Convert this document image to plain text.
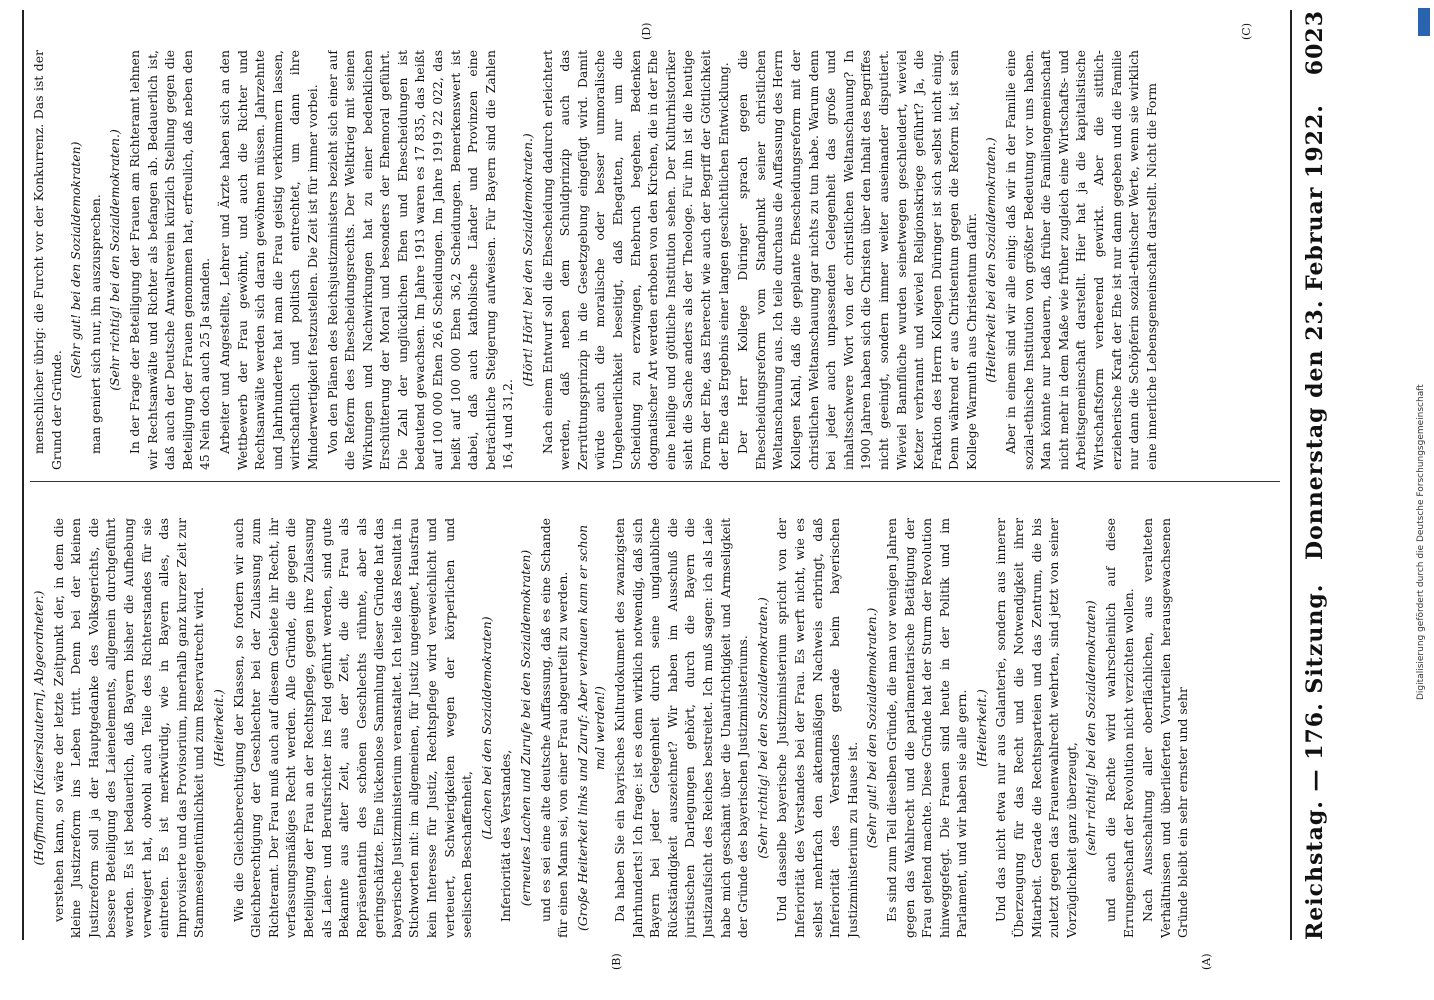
Reichstag. — 176. Sitzung.
Donnerstag den 23. Februar 1922.
6023
(A)
(B)
(C)
(D)

(Hoffmann [Kaiserslautern], Abgeordneter.) verstehen kann, so wäre der letzte Zeitpunkt der, in dem die kleine Justizreform ins Leben tritt. Denn bei der kleinen Justizreform soll ja der Hauptgedanke des Volksgerichts, die bessere Beteiligung des Laienelements, allgemein durchgeführt werden. Es ist bedauerlich, daß Bayern bisher die Aufhebung verweigert hat, obwohl auch Teile des Richterstandes für sie eintreten. Es ist merkwürdig, wie in Bayern alles, das Improvisierte und das Provisorium, innerhalb ganz kurzer Zeit zur Stammeseigentümlichkeit und zum Reservatrecht wird. (Heiterkeit.) Wie die Gleichberechtigung der Klassen, so fordern wir auch Gleichberechtigung der Geschlechter bei der Zulassung zum Richteramt. Der Frau muß auch auf diesem Gebiete ihr Recht, ihr verfassungsmäßiges Recht werden. Alle Gründe, die gegen die Beteiligung der Frau an der Rechtspflege, gegen ihre Zulassung als Laien- und Berufsrichter ins Feld geführt werden, sind gute Bekannte aus alter Zeit, aus der Zeit, die die Frau als Repräsentantin des schönen Geschlechts rühmte, aber als geringschätzte. Eine lückenlose Sammlung dieser Gründe hat das bayerische Justizministerium veranstaltet. Ich teile das Resultat in Stichworten mit: im allgemeinen, für Justiz ungeeignet, Hausfrau kein Interesse für Justiz, Rechtspflege wird verweichlicht und verteuert, Schwierigkeiten wegen der körperlichen und seelischen Beschaffenheit,

(Lachen bei den Sozialdemokraten) Inferiorität des Verstandes, (erneutes Lachen und Zurufe bei den Sozialdemokraten) und es sei eine alte deutsche Auffassung, daß es eine Schande für einen Mann sei, von einer Frau abgeurteilt zu werden. (Große Heiterkeit links und Zuruf: Aber verhauen kann er schon mal werden!) Da haben Sie ein bayrisches Kulturdokument des zwanzigsten Jahrhunderts! Ich frage: ist es denn wirklich notwendig, daß sich Bayern bei jeder Gelegenheit durch seine unglaubliche Rückständigkeit auszeichnet? Wir haben im Ausschuß die juristischen Darlegungen gehört, durch die Bayern die Justizaufsicht des Reiches bestreitet. Ich muß sagen: ich als Laie habe mich geschämt über die Unaufrichtigkeit und Armseligkeit der Gründe des bayerischen Justizministeriums. (Sehr richtig! bei den Sozialdemokraten.) Und dasselbe bayerische Justizministerium spricht von der Inferiorität des Verstandes bei der Frau. Es werft nicht, wie es selbst mehrfach den aktenmäßigen Nachweis erbringt, daß Inferiorität des Verstandes gerade beim bayerischen Justizministerium zu Hause ist. (Sehr gut! bei den Sozialdemokraten.) Es sind zum Teil dieselben Gründe, die man vor wenigen Jahren gegen das Wahlrecht und die parlamentarische Betätigung der Frau geltend machte. Diese Gründe hat der Sturm der Revolution hinweggefegt. Die Frauen sind heute in der Politik und im Parlament, und wir haben sie alle gern. (Heiterkeit.) Und das nicht etwa nur aus Galanterie, sondern aus innerer Überzeugung für das Recht und die Notwendigkeit ihrer Mitarbeit. Gerade die Rechtsparteien und das Zentrum, die bis zuletzt gegen das Frauenwahlrecht wehrten, sind jetzt von seiner Vorzüglichkeit ganz überzeugt, (sehr richtig! bei den Sozialdemokraten) und auch die Rechte wird wahrscheinlich auf diese Errungenschaft der Revolution nicht verzichten wollen. Nach Ausschaltung aller oberflächlichen, aus veralteten Verhältnissen und überlieferten Vorurteilen herausgewachsenen Gründe bleibt ein sehr ernster und sehr

menschlicher übrig: die Furcht vor der Konkurrenz. Das ist der Grund der Gründe.

(Sehr gut! bei den Sozialdemokraten) man geniert sich nur, ihn auszusprechen. (Sehr richtig! bei den Sozialdemokraten.) In der Frage der Beteiligung der Frauen am Richteramt lehnen wir Rechtsanwälte und Richter als befangen ab. Bedauerlich ist, daß auch der Deutsche Anwaltverein kürzlich Stellung gegen die Beteiligung der Frauen genommen hat, erfreulich, daß neben den 45 Nein doch auch 25 Ja standen. Arbeiter und Angestellte, Lehrer und Ärzte haben sich an den Wettbewerb der Frau gewöhnt, und auch die Richter und Rechtsanwälte werden sich daran gewöhnen müssen. Jahrzehnte und Jahrhunderte hat man die Frau geistig verkümmern lassen, wirtschaftlich und politisch entrechtet, um dann ihre Minderwertigkeit festzustellen. Die Zeit ist für immer vorbei. Von den Plänen des Reichsjustizministers bezieht sich einer auf die Reform des Ehescheidungsrechts. Der Weltkrieg mit seinen Wirkungen und Nachwirkungen hat zu einer bedenklichen Erschütterung der Moral und besonders der Ehemoral geführt. Die Zahl der unglücklichen Ehen und Ehescheidungen ist bedeutend gewachsen. Im Jahre 1913 waren es 17 835, das heißt auf 100 000 Ehen 26,6 Scheidungen. Im Jahre 1919 22 022, das heißt auf 100 000 Ehen 36,2 Scheidungen. Bemerkenswert ist dabei, daß auch katholische Länder und Provinzen eine beträchtliche Steigerung aufweisen. Für Bayern sind die Zahlen 16,4 und 31,2.

(Hört! Hört! bei den Sozialdemokraten.) Nach einem Entwurf soll die Ehescheidung dadurch erleichtert werden, daß neben dem Schuldprinzip auch das Zerrüttungsprinzip in die Gesetzgebung eingefügt wird. Damit würde auch die moralische oder besser unmoralische Ungeheuerlichkeit beseitigt, daß Ehegatten, nur um die Scheidung zu erzwingen, Ehebruch begehen. Bedenken dogmatischer Art werden erhoben von den Kirchen, die in der Ehe eine heilige und göttliche Institution sehen. Der Kulturhistoriker sieht die Sache anders als der Theologe. Für ihn ist die heutige Form der Ehe, das Eherecht wie auch der Begriff der Göttlichkeit der Ehe das Ergebnis einer langen geschichtlichen Entwicklung. Der Herr Kollege Düringer sprach gegen die Ehescheidungsreform vom Standpunkt seiner christlichen Weltanschauung aus. Ich teile durchaus die Auffassung des Herrn Kollegen Kahl, daß die geplante Ehescheidungsreform mit der christlichen Weltanschauung gar nichts zu tun habe. Warum denn bei jeder auch unpassenden Gelegenheit das große und inhaltsschwere Wort von der christlichen Weltanschauung? In 1900 Jahren haben sich die Christen über den Inhalt des Begriffes nicht geeinigt, sondern immer weiter auseinander disputiert. Wieviel Bannflüche wurden seinetwegen geschleudert, wieviel Ketzer verbrannt und wieviel Religionskriege geführt? Ja, die Fraktion des Herrn Kollegen Düringer ist sich selbst nicht einig. Denn während er aus Christentum gegen die Reform ist, ist sein Kollege Warmuth aus Christentum dafür. (Heiterkeit bei den Sozialdemokraten.) Aber in einem sind wir alle einig: daß wir in der Familie eine sozial-ethische Institution von größter Bedeutung vor uns haben. Man könnte nur bedauern, daß früher die Familiengemeinschaft nicht mehr in dem Maße wie früher zugleich eine Wirtschafts- und Arbeitsgemeinschaft darstellt. Hier hat ja die kapitalistische Wirtschaftsform verheerend gewirkt. Aber die sittlich-erzieherische Kraft der Ehe ist nur dann gegeben und die Familie nur dann die Schöpferin sozial-ethischer Werte, wenn sie wirklich eine innerliche Lebensgemeinschaft darstellt. Nicht die Form

Digitalisierung gefördert durch die Deutsche Forschungsgemeinschaft
